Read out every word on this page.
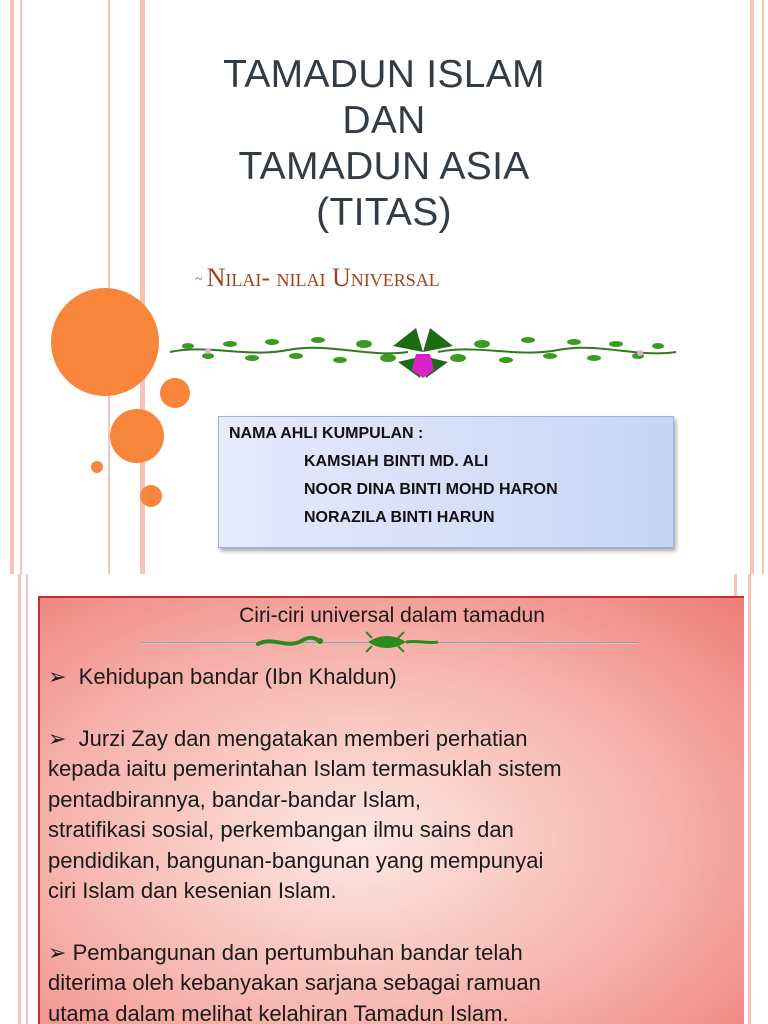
TAMADUN ISLAM
DAN
TAMADUN ASIA
(TITAS)
~ Nilai- nilai Universal
NAMA AHLI KUMPULAN :
KAMSIAH BINTI MD. ALI
NOOR DINA BINTI MOHD HARON
NORAZILA BINTI HARUN
Ciri-ciri universal dalam tamadun
➢ Kehidupan bandar (Ibn Khaldun)
➢ Jurzi Zay dan mengatakan memberi perhatian
kepada iaitu pemerintahan Islam termasuklah sistem
pentadbirannya, bandar-bandar Islam,
stratifikasi sosial, perkembangan ilmu sains dan
pendidikan, bangunan-bangunan yang mempunyai
ciri Islam dan kesenian Islam.
➢ Pembangunan dan pertumbuhan bandar telah
diterima oleh kebanyakan sarjana sebagai ramuan
utama dalam melihat kelahiran Tamadun Islam.
